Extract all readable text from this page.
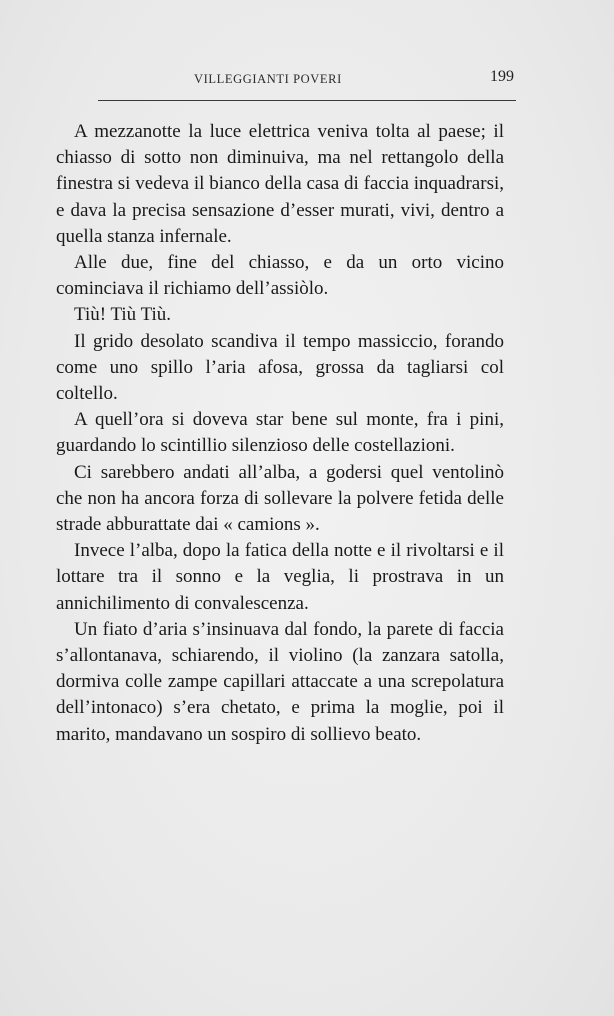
VILLEGGIANTI POVERI	199

A mezzanotte la luce elettrica veniva tolta al paese; il chiasso di sotto non diminuiva, ma nel rettangolo della finestra si vedeva il bianco della casa di faccia inquadrarsi, e dava la precisa sensazione d’esser murati, vivi, dentro a quella stanza infernale.

Alle due, fine del chiasso, e da un orto vicino cominciava il richiamo dell’assiòlo.

Tiù! Tiù Tiù.

Il grido desolato scandiva il tempo massiccio, forando come uno spillo l’aria afosa, grossa da tagliarsi col coltello.

A quell’ora si doveva star bene sul monte, fra i pini, guardando lo scintillio silenzioso delle costellazioni.

Ci sarebbero andati all’alba, a godersi quel ventolinò che non ha ancora forza di sollevare la polvere fetida delle strade abburattate dai « camions ».

Invece l’alba, dopo la fatica della notte e il rivoltarsi e il lottare tra il sonno e la veglia, li prostrava in un annichilimento di convalescenza.

Un fiato d’aria s’insinuava dal fondo, la parete di faccia s’allontanava, schiarendo, il violino (la zanzara satolla, dormiva colle zampe capillari attaccate a una screpolatura dell’intonaco) s’era chetato, e prima la moglie, poi il marito, mandavano un sospiro di sollievo beato.
